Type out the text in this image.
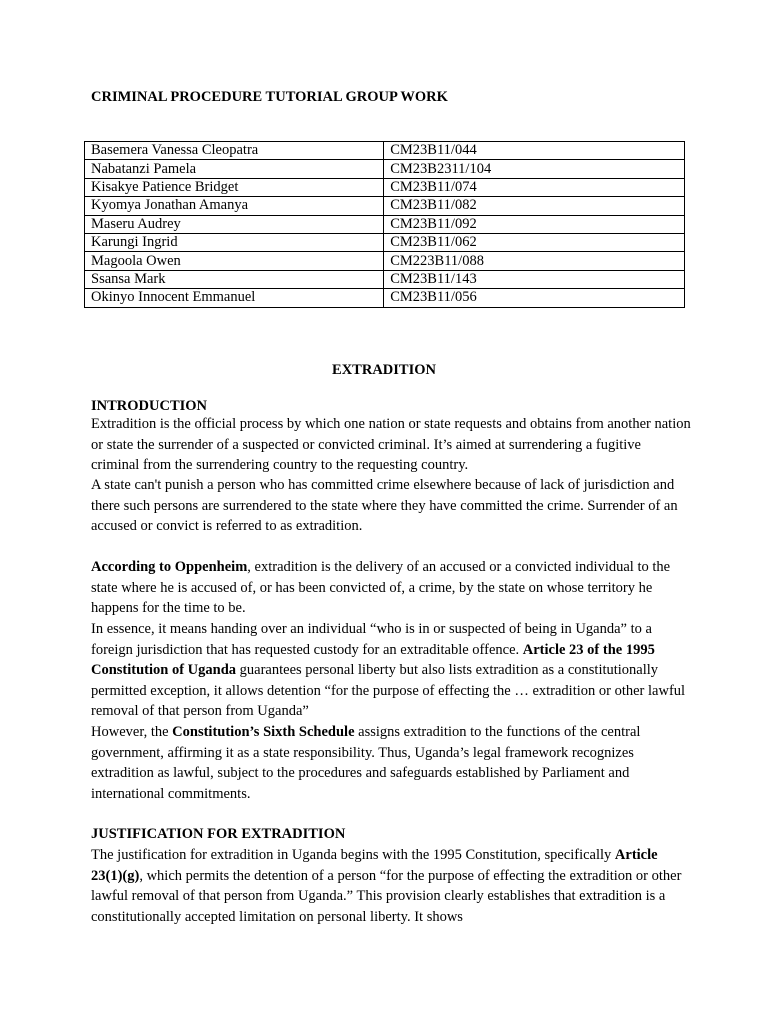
CRIMINAL PROCEDURE TUTORIAL GROUP WORK
Basemera Vanessa Cleopatra	CM23B11/044
Nabatanzi Pamela	CM23B2311/104
Kisakye Patience Bridget	CM23B11/074
Kyomya Jonathan Amanya	CM23B11/082
Maseru Audrey	CM23B11/092
Karungi Ingrid	CM23B11/062
Magoola Owen	CM223B11/088
Ssansa Mark	CM23B11/143
Okinyo Innocent Emmanuel	CM23B11/056
EXTRADITION
INTRODUCTION
Extradition is the official process by which one nation or state requests and obtains from another nation or state the surrender of a suspected or convicted criminal. It’s aimed at surrendering a fugitive criminal from the surrendering country to the requesting country.
A state can't punish a person who has committed crime elsewhere because of lack of jurisdiction and there such persons are surrendered to the state where they have committed the crime. Surrender of an accused or convict is referred to as extradition.
According to Oppenheim, extradition is the delivery of an accused or a convicted individual to the state where he is accused of, or has been convicted of, a crime, by the state on whose territory he happens for the time to be.
In essence, it means handing over an individual “who is in or suspected of being in Uganda” to a foreign jurisdiction that has requested custody for an extraditable offence. Article 23 of the 1995 Constitution of Uganda guarantees personal liberty but also lists extradition as a constitutionally permitted exception, it allows detention “for the purpose of effecting the … extradition or other lawful removal of that person from Uganda”
However, the Constitution’s Sixth Schedule assigns extradition to the functions of the central government, affirming it as a state responsibility. Thus, Uganda’s legal framework recognizes extradition as lawful, subject to the procedures and safeguards established by Parliament and international commitments.
JUSTIFICATION FOR EXTRADITION
The justification for extradition in Uganda begins with the 1995 Constitution, specifically Article 23(1)(g), which permits the detention of a person “for the purpose of effecting the extradition or other lawful removal of that person from Uganda.” This provision clearly establishes that extradition is a constitutionally accepted limitation on personal liberty. It shows
